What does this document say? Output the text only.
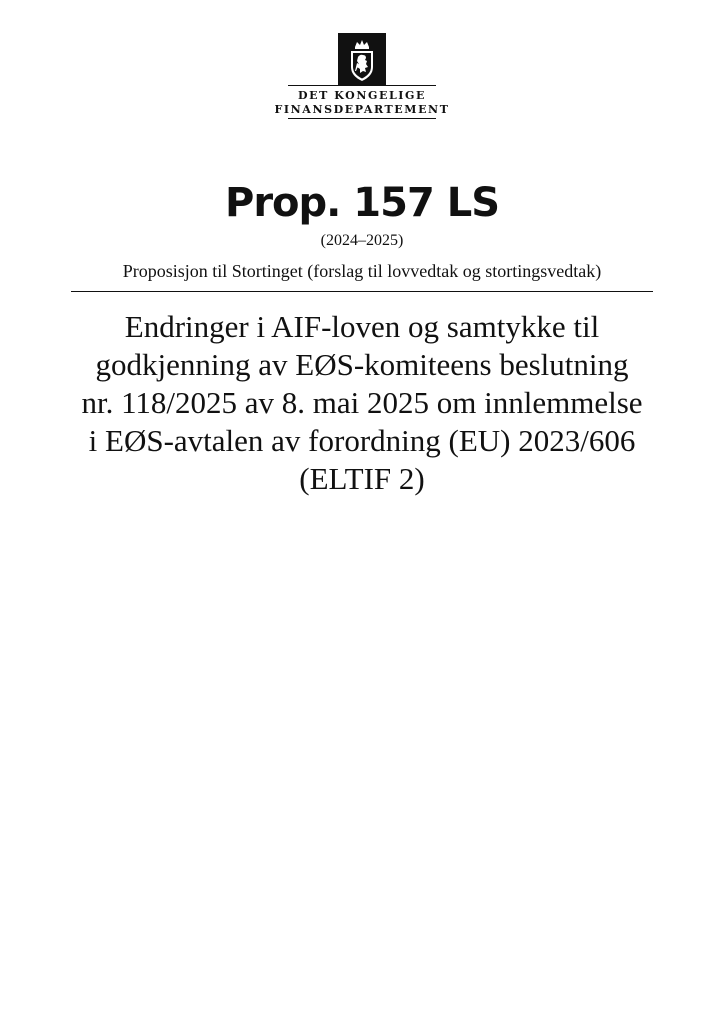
DET KONGELIGE
FINANSDEPARTEMENT
Prop. 157 LS
(2024–2025)
Proposisjon til Stortinget (forslag til lovvedtak og stortingsvedtak)
Endringer i AIF-loven og samtykke til
godkjenning av EØS-komiteens beslutning
nr. 118/2025 av 8. mai 2025 om innlemmelse
i EØS-avtalen av forordning (EU) 2023/606
(ELTIF 2)
